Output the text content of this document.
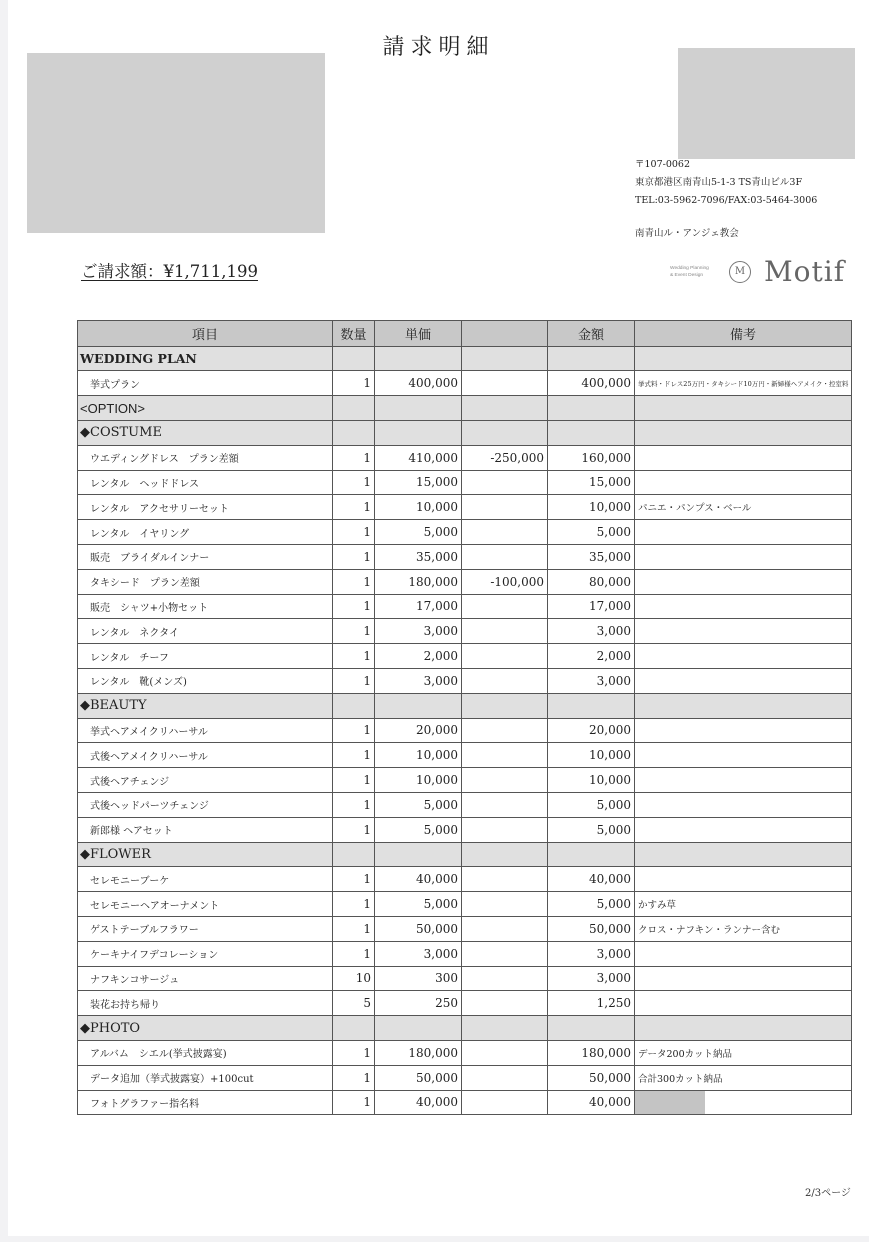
請求明細
〒107-0062
東京都港区南青山5-1-3 TS青山ビル3F
TEL:03-5962-7096/FAX:03-5464-3006
南青山ル・アンジェ教会
ご請求額：¥1,711,199	Wedding Planning
& Event Design	M Motif
項目	数量	単価		金額	備考
WEDDING PLAN					
挙式プラン	1	400,000		400,000	挙式料・ドレス25万円・タキシード10万円・新婦様ヘアメイク・控室料
<OPTION>					
◆COSTUME					
ウエディングドレス　プラン差額	1	410,000	-250,000	160,000	
レンタル　ヘッドドレス	1	15,000		15,000	
レンタル　アクセサリーセット	1	10,000		10,000	パニエ・パンプス・ベール
レンタル　イヤリング	1	5,000		5,000	
販売　ブライダルインナー	1	35,000		35,000	
タキシード　プラン差額	1	180,000	-100,000	80,000	
販売　シャツ+小物セット	1	17,000		17,000	
レンタル　ネクタイ	1	3,000		3,000	
レンタル　チーフ	1	2,000		2,000	
レンタル　靴(メンズ)	1	3,000		3,000	
◆BEAUTY					
挙式ヘアメイクリハーサル	1	20,000		20,000	
式後ヘアメイクリハーサル	1	10,000		10,000	
式後ヘアチェンジ	1	10,000		10,000	
式後ヘッドパーツチェンジ	1	5,000		5,000	
新郎様 ヘアセット	1	5,000		5,000	
◆FLOWER					
セレモニーブーケ	1	40,000		40,000	
セレモニーヘアオーナメント	1	5,000		5,000	かすみ草
ゲストテーブルフラワー	1	50,000		50,000	クロス・ナフキン・ランナー含む
ケーキナイフデコレーション	1	3,000		3,000	
ナフキンコサージュ	10	300		3,000	
装花お持ち帰り	5	250		1,250	
◆PHOTO					
アルバム　シエル(挙式披露宴)	1	180,000		180,000	データ200カット納品
データ追加（挙式披露宴）+100cut	1	50,000		50,000	合計300カット納品
フォトグラファー指名料	1	40,000		40,000	
2/3ページ
